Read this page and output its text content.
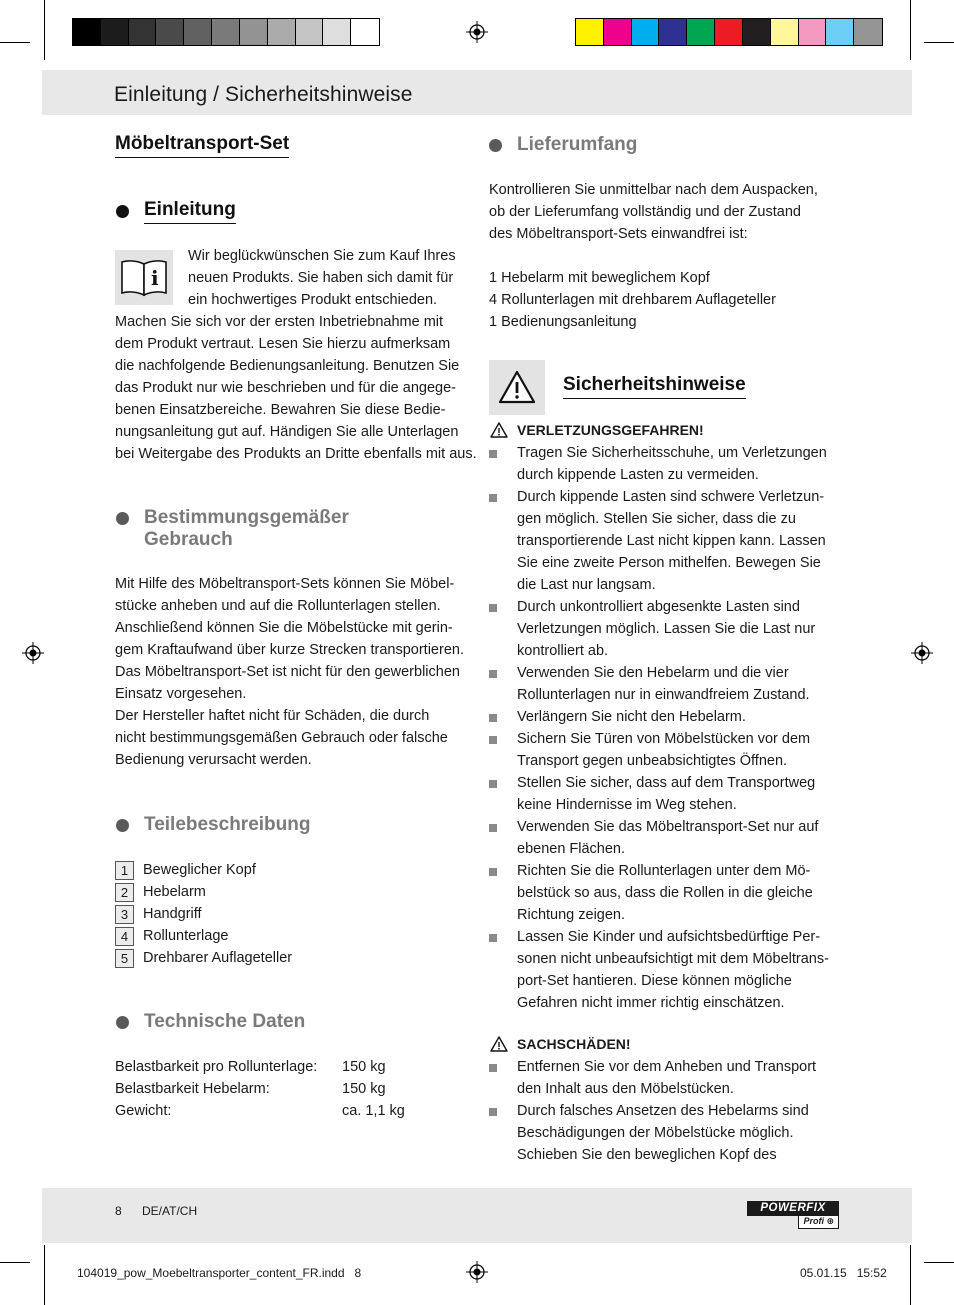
Einleitung / Sicherheitshinweise
Möbeltransport-Set
Einleitung
i

Wir beglückwünschen Sie zum Kauf Ihres

neuen Produkts. Sie haben sich damit für

ein hochwertiges Produkt entschieden.

Machen Sie sich vor der ersten Inbetriebnahme mit

dem Produkt vertraut. Lesen Sie hierzu aufmerksam

die nachfolgende Bedienungsanleitung. Benutzen Sie

das Produkt nur wie beschrieben und für die angege-

benen Einsatzbereiche. Bewahren Sie diese Bedie-

nungsanleitung gut auf. Händigen Sie alle Unterlagen

bei Weitergabe des Produkts an Dritte ebenfalls mit aus.

Bestimmungsgemäßer
Gebrauch

Mit Hilfe des Möbeltransport-Sets können Sie Möbel-

stücke anheben und auf die Rollunterlagen stellen.

Anschließend können Sie die Möbelstücke mit gerin-

gem Kraftaufwand über kurze Strecken transportieren.

Das Möbeltransport-Set ist nicht für den gewerblichen

Einsatz vorgesehen.

Der Hersteller haftet nicht für Schäden, die durch

nicht bestimmungsgemäßen Gebrauch oder falsche

Bedienung verursacht werden.

Teilebeschreibung
1	Beweglicher Kopf
2	Hebelarm
3	Handgriff
4	Rollunterlage
5	Drehbarer Auflageteller
Technische Daten
Belastbarkeit pro Rollunterlage: 150 kg
Belastbarkeit Hebelarm:	150 kg
Gewicht:	ca. 1,1 kg
Lieferumfang

Kontrollieren Sie unmittelbar nach dem Auspacken,

ob der Lieferumfang vollständig und der Zustand

des Möbeltransport-Sets einwandfrei ist:

1 Hebelarm mit beweglichem Kopf

4 Rollunterlagen mit drehbarem Auflageteller

1 Bedienungsanleitung

Sicherheitshinweise
VERLETZUNGSGEFAHREN!
Tragen Sie Sicherheitsschuhe, um Verletzungen
durch kippende Lasten zu vermeiden.
Durch kippende Lasten sind schwere Verletzun-
gen möglich. Stellen Sie sicher, dass die zu
transportierende Last nicht kippen kann. Lassen
Sie eine zweite Person mithelfen. Bewegen Sie
die Last nur langsam.
Durch unkontrolliert abgesenkte Lasten sind
Verletzungen möglich. Lassen Sie die Last nur
kontrolliert ab.
Verwenden Sie den Hebelarm und die vier
Rollunterlagen nur in einwandfreiem Zustand.
Verlängern Sie nicht den Hebelarm.
Sichern Sie Türen von Möbelstücken vor dem
Transport gegen unbeabsichtigtes Öffnen.
Stellen Sie sicher, dass auf dem Transportweg
keine Hindernisse im Weg stehen.
Verwenden Sie das Möbeltransport-Set nur auf
ebenen Flächen.
Richten Sie die Rollunterlagen unter dem Mö-
belstück so aus, dass die Rollen in die gleiche
Richtung zeigen.
Lassen Sie Kinder und aufsichtsbedürftige Per-
sonen nicht unbeaufsichtigt mit dem Möbeltrans-
port-Set hantieren. Diese können mögliche
Gefahren nicht immer richtig einschätzen.
SACHSCHÄDEN!
Entfernen Sie vor dem Anheben und Transport
den Inhalt aus den Möbelstücken.
Durch falsches Ansetzen des Hebelarms sind
Beschädigungen der Möbelstücke möglich.
Schieben Sie den beweglichen Kopf des
8 DE/AT/CH	POWERFIX
Profi ⊕
104019_pow_Moebeltransporter_content_FR.indd   8	05.01.15   15:52
